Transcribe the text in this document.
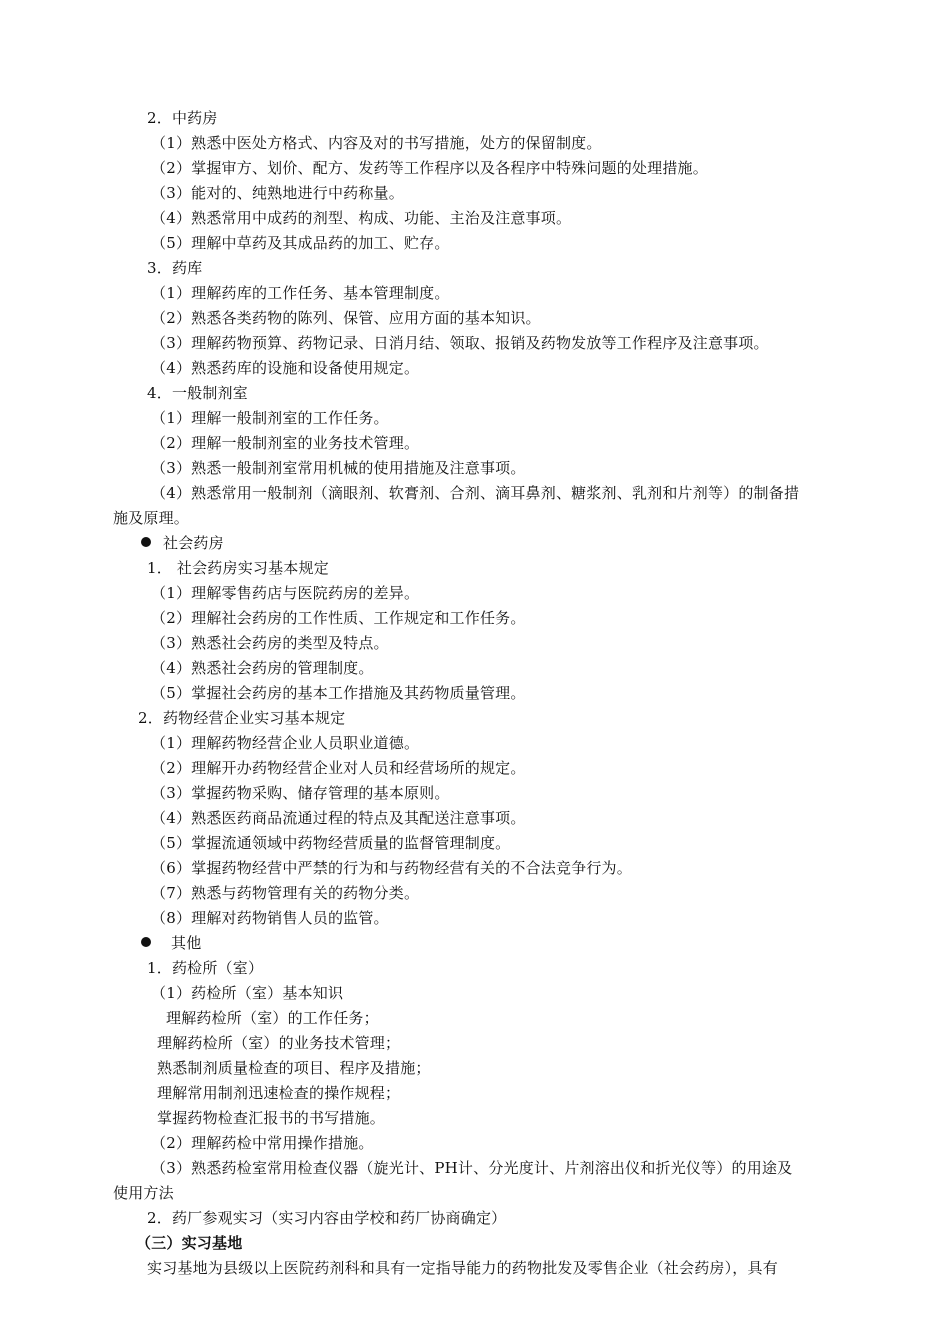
2．中药房
（1）熟悉中医处方格式、内容及对的书写措施，处方的保留制度。
（2）掌握审方、划价、配方、发药等工作程序以及各程序中特殊问题的处理措施。
（3）能对的、纯熟地进行中药称量。
（4）熟悉常用中成药的剂型、构成、功能、主治及注意事项。
（5）理解中草药及其成品药的加工、贮存。
3．药库
（1）理解药库的工作任务、基本管理制度。
（2）熟悉各类药物的陈列、保管、应用方面的基本知识。
（3）理解药物预算、药物记录、日消月结、领取、报销及药物发放等工作程序及注意事项。
（4）熟悉药库的设施和设备使用规定。
4．一般制剂室
（1）理解一般制剂室的工作任务。
（2）理解一般制剂室的业务技术管理。
（3）熟悉一般制剂室常用机械的使用措施及注意事项。
（4）熟悉常用一般制剂（滴眼剂、软膏剂、合剂、滴耳鼻剂、糖浆剂、乳剂和片剂等）的制备措
施及原理。
社会药房
1． 社会药房实习基本规定
（1）理解零售药店与医院药房的差异。
（2）理解社会药房的工作性质、工作规定和工作任务。
（3）熟悉社会药房的类型及特点。
（4）熟悉社会药房的管理制度。
（5）掌握社会药房的基本工作措施及其药物质量管理。
2．药物经营企业实习基本规定
（1）理解药物经营企业人员职业道德。
（2）理解开办药物经营企业对人员和经营场所的规定。
（3）掌握药物采购、储存管理的基本原则。
（4）熟悉医药商品流通过程的特点及其配送注意事项。
（5）掌握流通领域中药物经营质量的监督管理制度。
（6）掌握药物经营中严禁的行为和与药物经营有关的不合法竞争行为。
（7）熟悉与药物管理有关的药物分类。
（8）理解对药物销售人员的监管。
其他
1．药检所（室）
（1）药检所（室）基本知识
理解药检所（室）的工作任务；
理解药检所（室）的业务技术管理；
熟悉制剂质量检查的项目、程序及措施；
理解常用制剂迅速检查的操作规程；
掌握药物检查汇报书的书写措施。
（2）理解药检中常用操作措施。
（3）熟悉药检室常用检查仪器（旋光计、PH计、分光度计、片剂溶出仪和折光仪等）的用途及
使用方法
2．药厂参观实习（实习内容由学校和药厂协商确定）
（三）实习基地
实习基地为县级以上医院药剂科和具有一定指导能力的药物批发及零售企业（社会药房），具有
